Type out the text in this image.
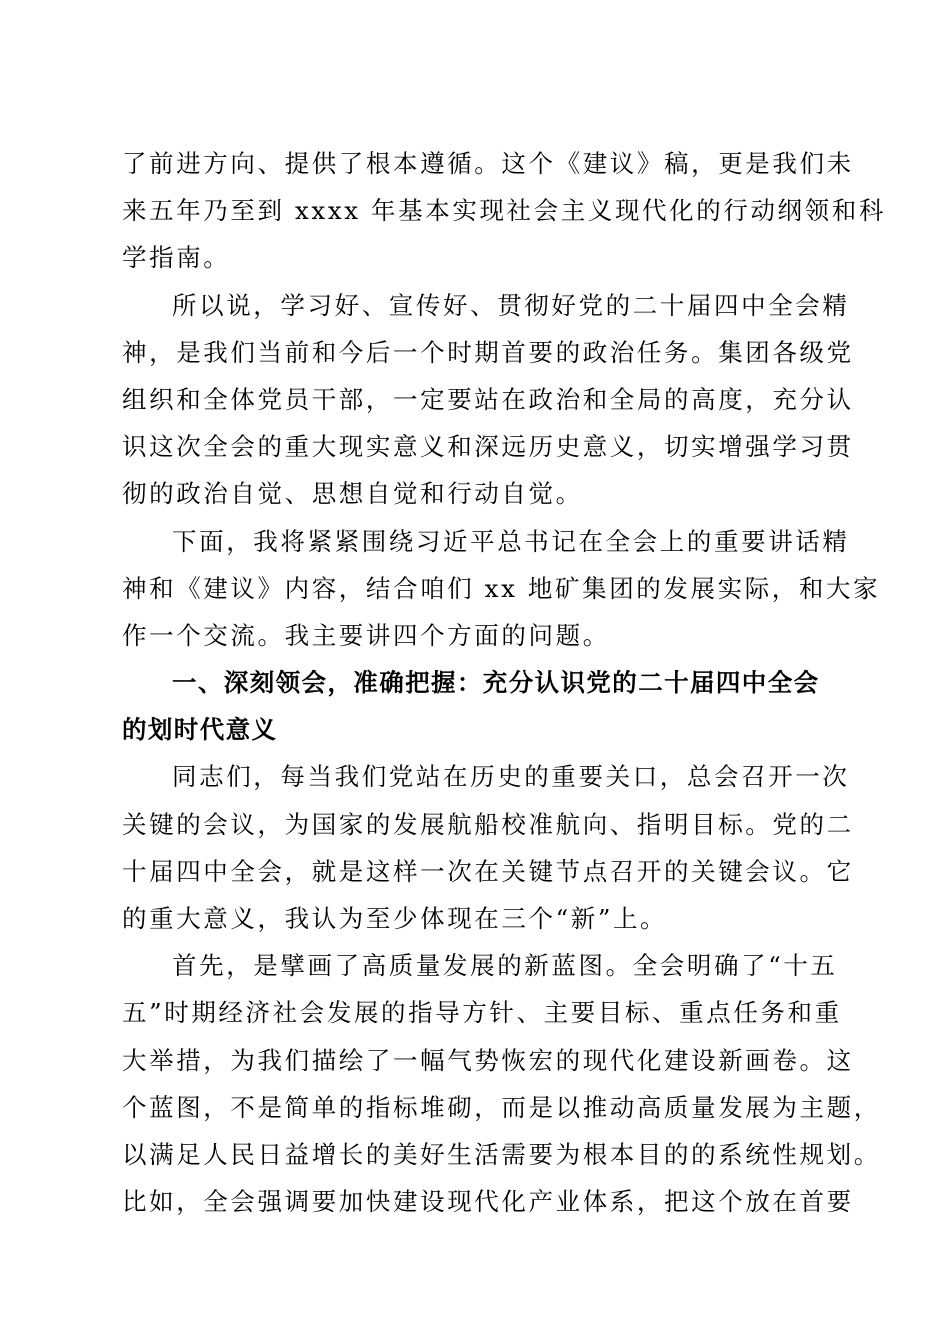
了前进方向、提供了根本遵循。这个《建议》稿，更是我们未
来五年乃至到 xxxx 年基本实现社会主义现代化的行动纲领和科
学指南。
所以说，学习好、宣传好、贯彻好党的二十届四中全会精
神，是我们当前和今后一个时期首要的政治任务。集团各级党
组织和全体党员干部，一定要站在政治和全局的高度，充分认
识这次全会的重大现实意义和深远历史意义，切实增强学习贯
彻的政治自觉、思想自觉和行动自觉。
下面，我将紧紧围绕习近平总书记在全会上的重要讲话精
神和《建议》内容，结合咱们 xx 地矿集团的发展实际，和大家
作一个交流。我主要讲四个方面的问题。
一、深刻领会，准确把握：充分认识党的二十届四中全会
的划时代意义
同志们，每当我们党站在历史的重要关口，总会召开一次
关键的会议，为国家的发展航船校准航向、指明目标。党的二
十届四中全会，就是这样一次在关键节点召开的关键会议。它
的重大意义，我认为至少体现在三个“新”上。
首先，是擘画了高质量发展的新蓝图。全会明确了“十五
五”时期经济社会发展的指导方针、主要目标、重点任务和重
大举措，为我们描绘了一幅气势恢宏的现代化建设新画卷。这
个蓝图，不是简单的指标堆砌，而是以推动高质量发展为主题，
以满足人民日益增长的美好生活需要为根本目的的系统性规划。
比如，全会强调要加快建设现代化产业体系，把这个放在首要
